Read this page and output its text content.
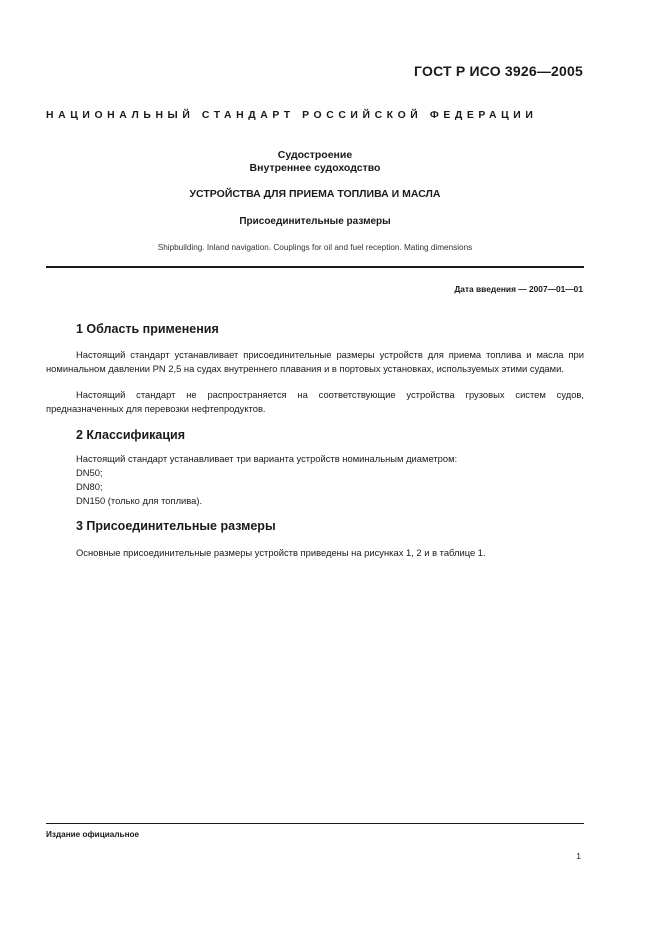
ГОСТ Р ИСО 3926—2005
НАЦИОНАЛЬНЫЙ СТАНДАРТ РОССИЙСКОЙ ФЕДЕРАЦИИ
Судостроение
Внутреннее судоходство
УСТРОЙСТВА ДЛЯ ПРИЕМА ТОПЛИВА И МАСЛА
Присоединительные размеры
Shipbuilding. Inland navigation. Couplings for oil and fuel reception. Mating dimensions
Дата введения — 2007—01—01
1 Область применения
Настоящий стандарт устанавливает присоединительные размеры устройств для приема топлива и масла при номинальном давлении PN 2,5 на судах внутреннего плавания и в портовых установках, используемых этими судами.
Настоящий стандарт не распространяется на соответствующие устройства грузовых систем судов, предназначенных для перевозки нефтепродуктов.
2 Классификация
Настоящий стандарт устанавливает три варианта устройств номинальным диаметром:
DN50;
DN80;
DN150 (только для топлива).
3 Присоединительные размеры
Основные присоединительные размеры устройств приведены на рисунках 1, 2 и в таблице 1.
Издание официальное
1
